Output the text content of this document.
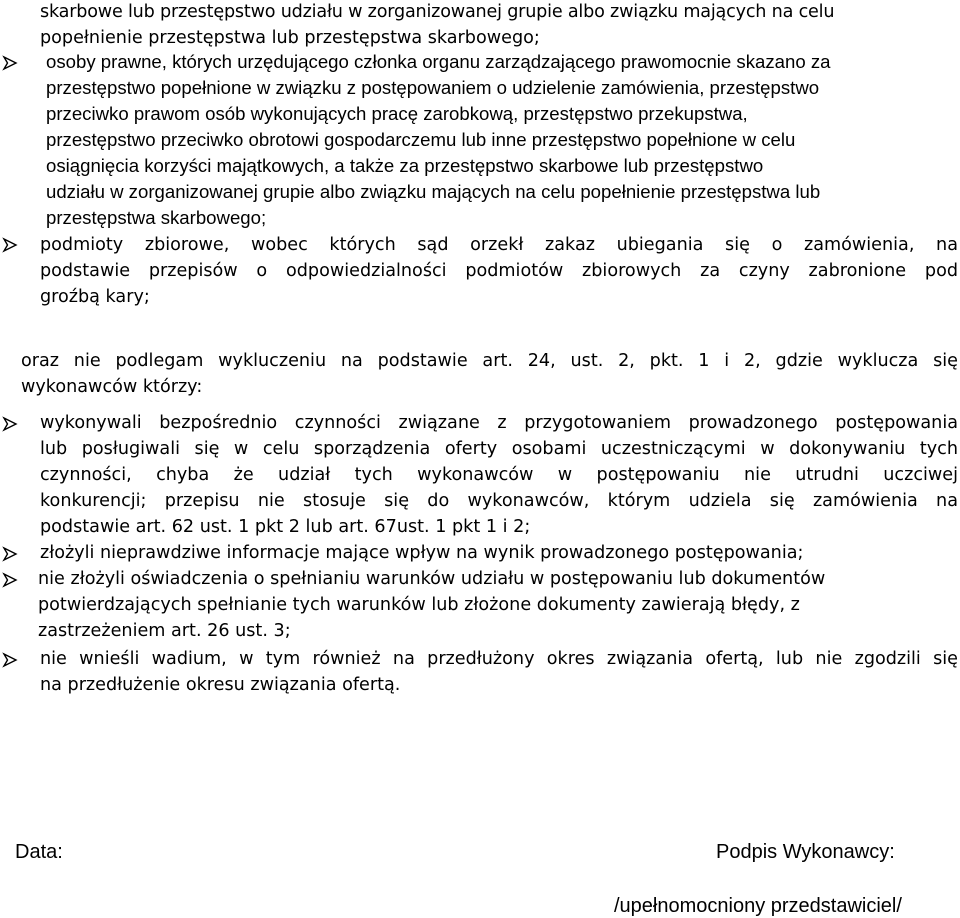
skarbowe lub przestępstwo udziału w zorganizowanej grupie albo związku mających na celu
popełnienie przestępstwa lub przestępstwa skarbowego;
osoby prawne, których urzędującego członka organu zarządzającego prawomocnie skazano za
przestępstwo popełnione w związku z postępowaniem o udzielenie zamówienia, przestępstwo
przeciwko prawom osób wykonujących pracę zarobkową, przestępstwo przekupstwa,
przestępstwo przeciwko obrotowi gospodarczemu lub inne przestępstwo popełnione w celu
osiągnięcia korzyści majątkowych, a także za przestępstwo skarbowe lub przestępstwo
udziału w zorganizowanej grupie albo związku mających na celu popełnienie przestępstwa lub
przestępstwa skarbowego;
podmioty zbiorowe, wobec których sąd orzekł zakaz ubiegania się o zamówienia, na
podstawie przepisów o odpowiedzialności podmiotów zbiorowych za czyny zabronione pod
groźbą kary;
oraz nie podlegam wykluczeniu na podstawie art. 24, ust. 2, pkt. 1 i 2, gdzie wyklucza się
wykonawców którzy:
wykonywali bezpośrednio czynności związane z przygotowaniem prowadzonego postępowania
lub posługiwali się w celu sporządzenia oferty osobami uczestniczącymi w dokonywaniu tych
czynności, chyba że udział tych wykonawców w postępowaniu nie utrudni uczciwej
konkurencji; przepisu nie stosuje się do wykonawców, którym udziela się zamówienia na
podstawie art. 62 ust. 1 pkt 2 lub art. 67ust. 1 pkt 1 i 2;
złożyli nieprawdziwe informacje mające wpływ na wynik prowadzonego postępowania;
nie złożyli oświadczenia o spełnianiu warunków udziału w postępowaniu lub dokumentów
potwierdzających spełnianie tych warunków lub złożone dokumenty zawierają błędy, z
zastrzeżeniem art. 26 ust. 3;
nie wnieśli wadium, w tym również na przedłużony okres związania ofertą, lub nie zgodzili się
na przedłużenie okresu związania ofertą.
Data:	Podpis Wykonawcy:
/upełnomocniony przedstawiciel/
